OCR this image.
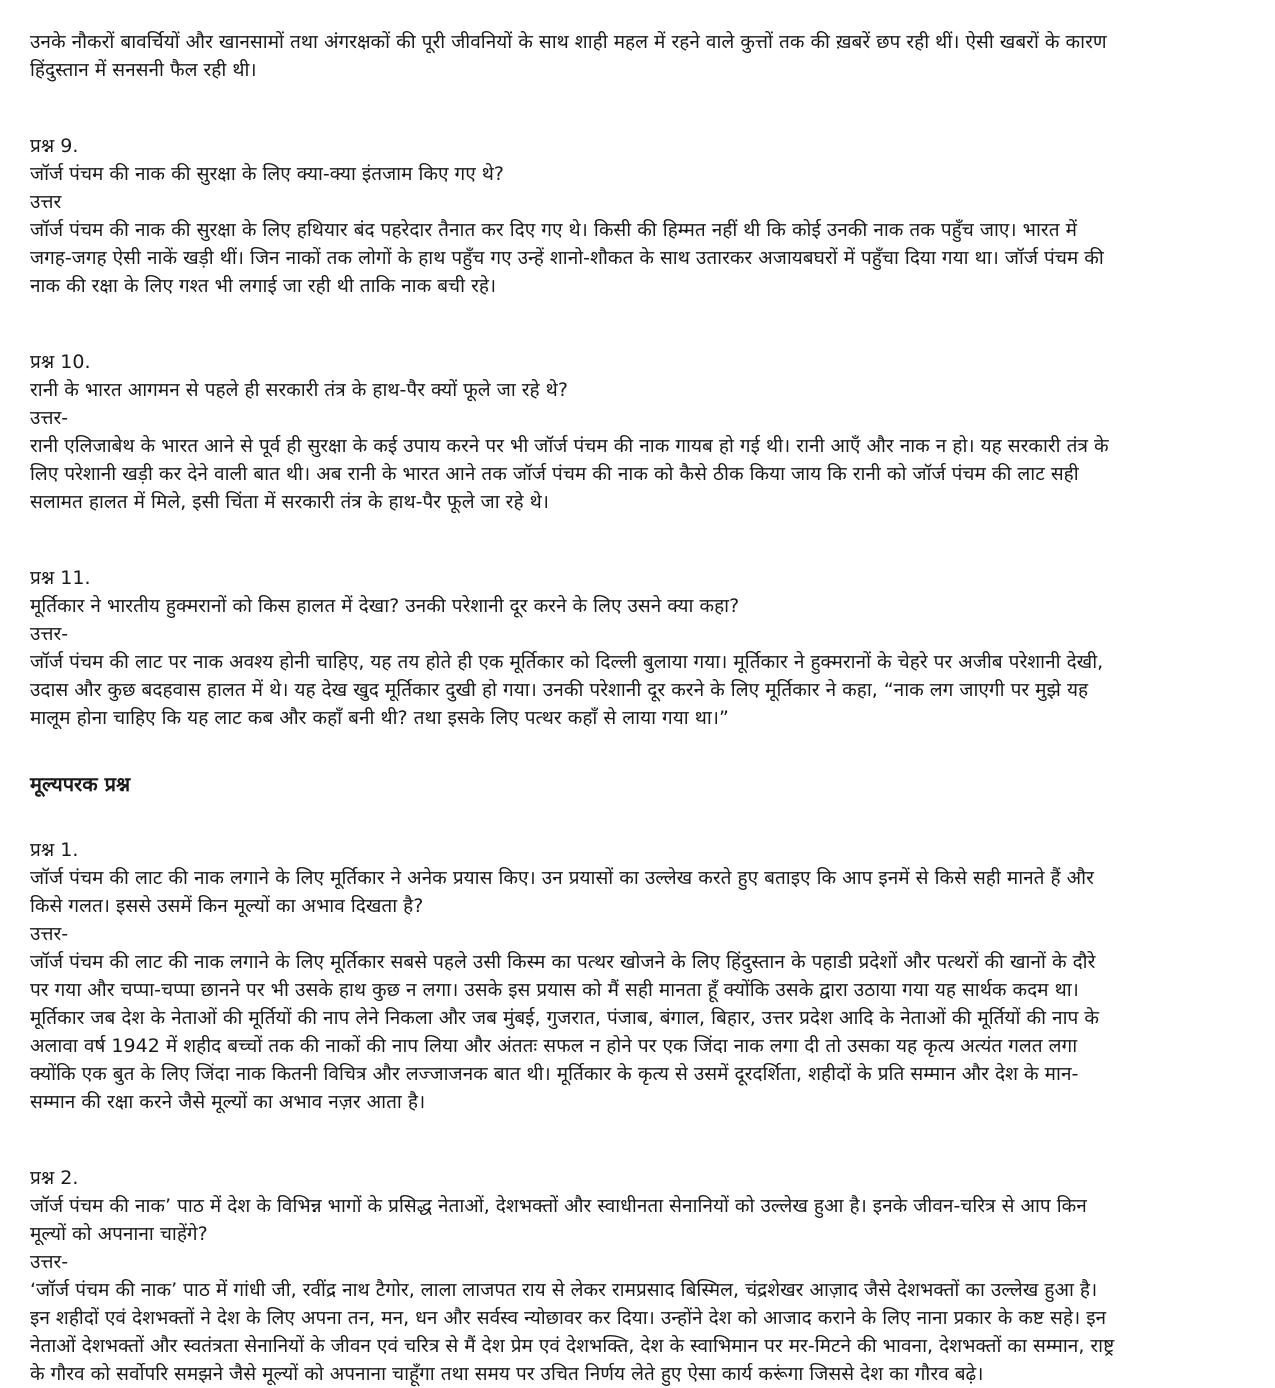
उनके नौकरों बावर्चियों और खानसामों तथा अंगरक्षकों की पूरी जीवनियों के साथ शाही महल में रहने वाले कुत्तों तक की ख़बरें छप रही थीं। ऐसी खबरों के कारण

हिंदुस्तान में सनसनी फैल रही थी।

प्रश्न 9.

जॉर्ज पंचम की नाक की सुरक्षा के लिए क्या-क्या इंतजाम किए गए थे?

उत्तर

जॉर्ज पंचम की नाक की सुरक्षा के लिए हथियार बंद पहरेदार तैनात कर दिए गए थे। किसी की हिम्मत नहीं थी कि कोई उनकी नाक तक पहुँच जाए। भारत में

जगह-जगह ऐसी नाकें खड़ी थीं। जिन नाकों तक लोगों के हाथ पहुँच गए उन्हें शानो-शौकत के साथ उतारकर अजायबघरों में पहुँचा दिया गया था। जॉर्ज पंचम की

नाक की रक्षा के लिए गश्त भी लगाई जा रही थी ताकि नाक बची रहे।

प्रश्न 10.

रानी के भारत आगमन से पहले ही सरकारी तंत्र के हाथ-पैर क्यों फूले जा रहे थे?

उत्तर-

रानी एलिजाबेथ के भारत आने से पूर्व ही सुरक्षा के कई उपाय करने पर भी जॉर्ज पंचम की नाक गायब हो गई थी। रानी आएँ और नाक न हो। यह सरकारी तंत्र के

लिए परेशानी खड़ी कर देने वाली बात थी। अब रानी के भारत आने तक जॉर्ज पंचम की नाक को कैसे ठीक किया जाय कि रानी को जॉर्ज पंचम की लाट सही

सलामत हालत में मिले, इसी चिंता में सरकारी तंत्र के हाथ-पैर फूले जा रहे थे।

प्रश्न 11.

मूर्तिकार ने भारतीय हुक्मरानों को किस हालत में देखा? उनकी परेशानी दूर करने के लिए उसने क्या कहा?

उत्तर-

जॉर्ज पंचम की लाट पर नाक अवश्य होनी चाहिए, यह तय होते ही एक मूर्तिकार को दिल्ली बुलाया गया। मूर्तिकार ने हुक्मरानों के चेहरे पर अजीब परेशानी देखी,

उदास और कुछ बदहवास हालत में थे। यह देख खुद मूर्तिकार दुखी हो गया। उनकी परेशानी दूर करने के लिए मूर्तिकार ने कहा, “नाक लग जाएगी पर मुझे यह

मालूम होना चाहिए कि यह लाट कब और कहाँ बनी थी? तथा इसके लिए पत्थर कहाँ से लाया गया था।”

मूल्यपरक प्रश्न

प्रश्न 1.

जॉर्ज पंचम की लाट की नाक लगाने के लिए मूर्तिकार ने अनेक प्रयास किए। उन प्रयासों का उल्लेख करते हुए बताइए कि आप इनमें से किसे सही मानते हैं और

किसे गलत। इससे उसमें किन मूल्यों का अभाव दिखता है?

उत्तर-

जॉर्ज पंचम की लाट की नाक लगाने के लिए मूर्तिकार सबसे पहले उसी किस्म का पत्थर खोजने के लिए हिंदुस्तान के पहाडी प्रदेशों और पत्थरों की खानों के दौरे

पर गया और चप्पा-चप्पा छानने पर भी उसके हाथ कुछ न लगा। उसके इस प्रयास को मैं सही मानता हूँ क्योंकि उसके द्वारा उठाया गया यह सार्थक कदम था।

मूर्तिकार जब देश के नेताओं की मूर्तियों की नाप लेने निकला और जब मुंबई, गुजरात, पंजाब, बंगाल, बिहार, उत्तर प्रदेश आदि के नेताओं की मूर्तियों की नाप के

अलावा वर्ष 1942 में शहीद बच्चों तक की नाकों की नाप लिया और अंततः सफल न होने पर एक जिंदा नाक लगा दी तो उसका यह कृत्य अत्यंत गलत लगा

क्योंकि एक बुत के लिए जिंदा नाक कितनी विचित्र और लज्जाजनक बात थी। मूर्तिकार के कृत्य से उसमें दूरदर्शिता, शहीदों के प्रति सम्मान और देश के मान-

सम्मान की रक्षा करने जैसे मूल्यों का अभाव नज़र आता है।

प्रश्न 2.

जॉर्ज पंचम की नाक’ पाठ में देश के विभिन्न भागों के प्रसिद्ध नेताओं, देशभक्तों और स्वाधीनता सेनानियों को उल्लेख हुआ है। इनके जीवन-चरित्र से आप किन

मूल्यों को अपनाना चाहेंगे?

उत्तर-

‘जॉर्ज पंचम की नाक’ पाठ में गांधी जी, रवींद्र नाथ टैगोर, लाला लाजपत राय से लेकर रामप्रसाद बिस्मिल, चंद्रशेखर आज़ाद जैसे देशभक्तों का उल्लेख हुआ है।

इन शहीदों एवं देशभक्तों ने देश के लिए अपना तन, मन, धन और सर्वस्व न्योछावर कर दिया। उन्होंने देश को आजाद कराने के लिए नाना प्रकार के कष्ट सहे। इन

नेताओं देशभक्तों और स्वतंत्रता सेनानियों के जीवन एवं चरित्र से मैं देश प्रेम एवं देशभक्ति, देश के स्वाभिमान पर मर-मिटने की भावना, देशभक्तों का सम्मान, राष्ट्र

के गौरव को सर्वोपरि समझने जैसे मूल्यों को अपनाना चाहूँगा तथा समय पर उचित निर्णय लेते हुए ऐसा कार्य करूंगा जिससे देश का गौरव बढ़े।
